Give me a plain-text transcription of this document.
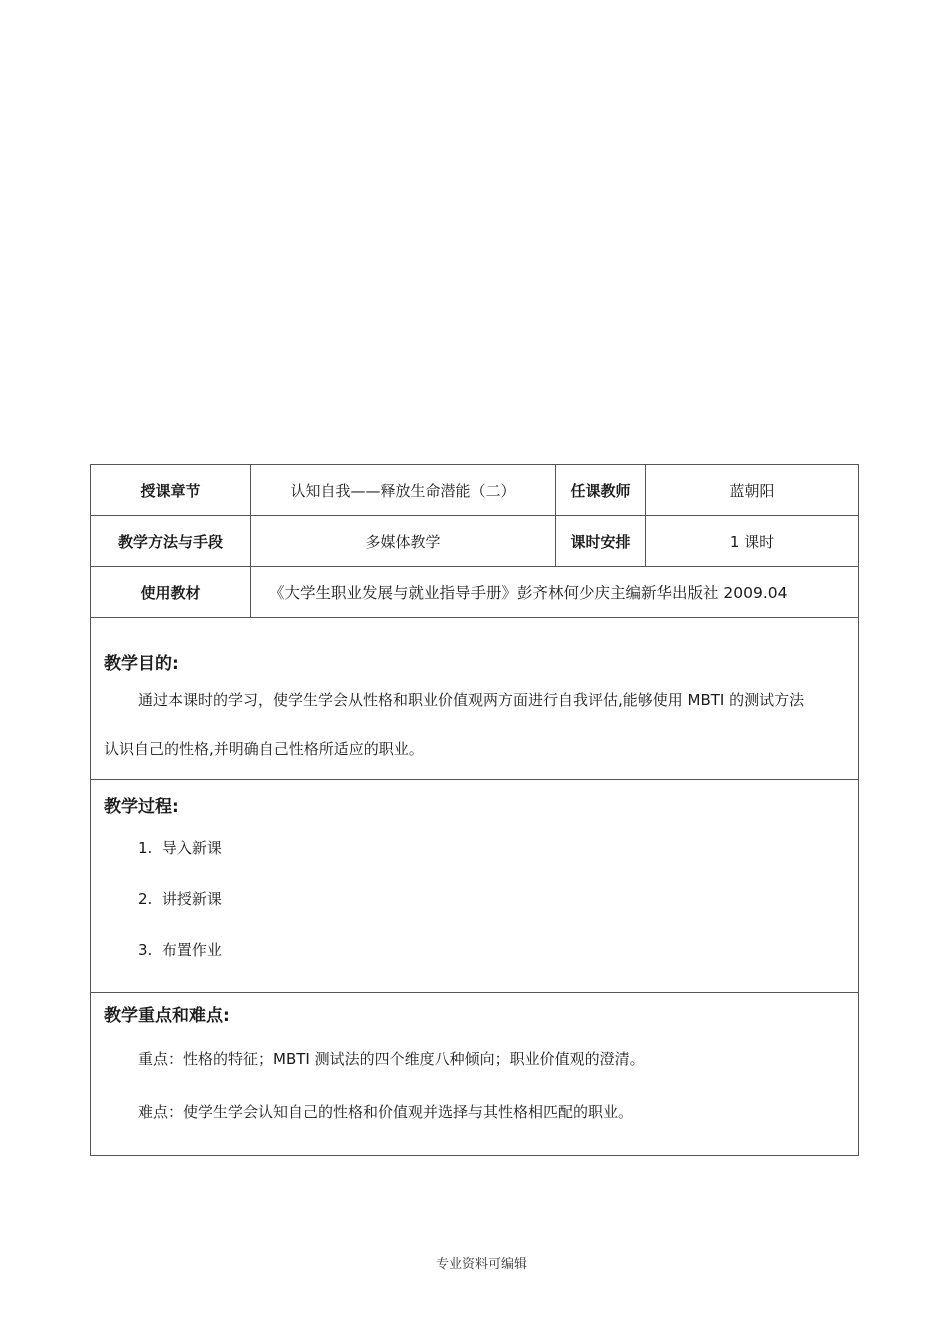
授课章节	认知自我——释放生命潜能（二）	任课教师	蓝朝阳
教学方法与手段	多媒体教学	课时安排	1 课时
使用教材	《大学生职业发展与就业指导手册》彭齐林何少庆主编新华出版社 2009.04		

教学目的:

通过本课时的学习，使学生学会从性格和职业价值观两方面进行自我评估,能够使用 MBTI 的测试方法
认识自己的性格,并明确自己性格所适应的职业。			

教学过程:

1. 导入新课
2. 讲授新课
3. 布置作业			

教学重点和难点:

重点：性格的特征；MBTI 测试法的四个维度八种倾向；职业价值观的澄清。
难点：使学生学会认知自己的性格和价值观并选择与其性格相匹配的职业。			
专业资料可编辑
